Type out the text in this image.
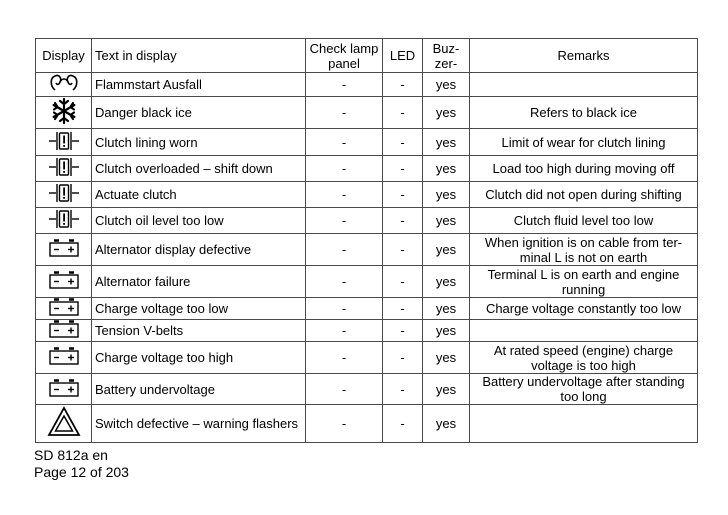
Display	Text in display	Check lamp panel	LED	Buz-zer-	Remarks

	Flammstart Ausfall	-	-	yes	

	Danger black ice	-	-	yes	Refers to black ice

	Clutch lining worn	-	-	yes	Limit of wear for clutch lining

	Clutch overloaded – shift down	-	-	yes	Load too high during moving off

	Actuate clutch	-	-	yes	Clutch did not open during shifting

	Clutch oil level too low	-	-	yes	Clutch fluid level too low

	Alternator display defective	-	-	yes	When ignition is on cable from ter-minal L is not on earth

	Alternator failure	-	-	yes	Terminal L is on earth and engine running

	Charge voltage too low	-	-	yes	Charge voltage constantly too low

	Tension V-belts	-	-	yes	

	Charge voltage too high	-	-	yes	At rated speed (engine) charge voltage is too high

	Battery undervoltage	-	-	yes	Battery undervoltage after standing too long

	Switch defective – warning flashers	-	-	yes	
SD 812a en
Page 12 of 203
